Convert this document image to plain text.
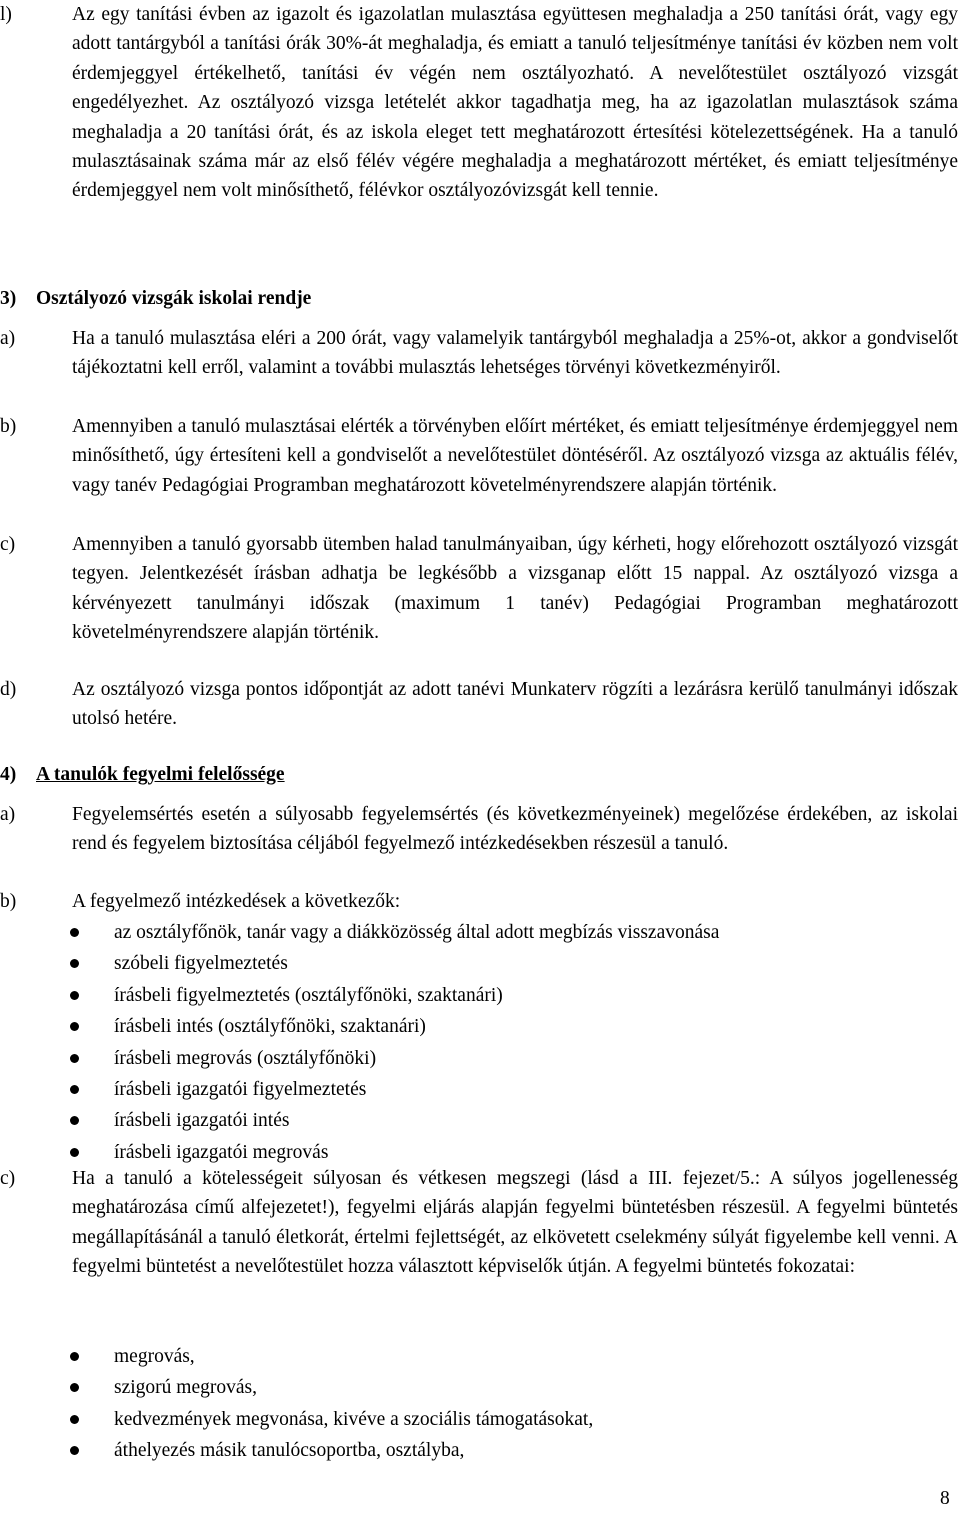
l)	Az egy tanítási évben az igazolt és igazolatlan mulasztása együttesen meghaladja a 250 tanítási órát, vagy egy adott tantárgyból a tanítási órák 30%-át meghaladja, és emiatt a tanuló teljesítménye tanítási év közben nem volt érdemjeggyel értékelhető, tanítási év végén nem osztályozható. A nevelőtestület osztályozó vizsgát engedélyezhet. Az osztályozó vizsga letételét akkor tagadhatja meg, ha az igazolatlan mulasztások száma meghaladja a 20 tanítási órát, és az iskola eleget tett meghatározott értesítési kötelezettségének. Ha a tanuló mulasztásainak száma már az első félév végére meghaladja a meghatározott mértéket, és emiatt teljesítménye érdemjeggyel nem volt minősíthető, félévkor osztályozóvizsgát kell tennie.
3) Osztályozó vizsgák iskolai rendje
a)	Ha a tanuló mulasztása eléri a 200 órát, vagy valamelyik tantárgyból meghaladja a 25%-ot, akkor a gondviselőt tájékoztatni kell erről, valamint a további mulasztás lehetséges törvényi következményiről.
b)	Amennyiben a tanuló mulasztásai elérték a törvényben előírt mértéket, és emiatt teljesítménye érdemjeggyel nem minősíthető, úgy értesíteni kell a gondviselőt a nevelőtestület döntéséről. Az osztályozó vizsga az aktuális félév, vagy tanév Pedagógiai Programban meghatározott követelményrendszere alapján történik.
c)	Amennyiben a tanuló gyorsabb ütemben halad tanulmányaiban, úgy kérheti, hogy előrehozott osztályozó vizsgát tegyen. Jelentkezését írásban adhatja be legkésőbb a vizsganap előtt 15 nappal. Az osztályozó vizsga a kérvényezett tanulmányi időszak (maximum 1 tanév) Pedagógiai Programban meghatározott követelményrendszere alapján történik.
d)	Az osztályozó vizsga pontos időpontját az adott tanévi Munkaterv rögzíti a lezárásra kerülő tanulmányi időszak utolsó hetére.
4) A tanulók fegyelmi felelőssége
a)	Fegyelemsértés esetén a súlyosabb fegyelemsértés (és következményeinek) megelőzése érdekében, az iskolai rend és fegyelem biztosítása céljából fegyelmező intézkedésekben részesül a tanuló.
b)	A fegyelmező intézkedések a következők:
az osztályfőnök, tanár vagy a diákközösség által adott megbízás visszavonása
szóbeli figyelmeztetés
írásbeli figyelmeztetés (osztályfőnöki, szaktanári)
írásbeli intés (osztályfőnöki, szaktanári)
írásbeli megrovás (osztályfőnöki)
írásbeli igazgatói figyelmeztetés
írásbeli igazgatói intés
írásbeli igazgatói megrovás
c)	Ha a tanuló a kötelességeit súlyosan és vétkesen megszegi (lásd a III. fejezet/5.: A súlyos jogellenesség meghatározása című alfejezetet!), fegyelmi eljárás alapján fegyelmi büntetésben részesül. A fegyelmi büntetés megállapításánál a tanuló életkorát, értelmi fejlettségét, az elkövetett cselekmény súlyát figyelembe kell venni. A fegyelmi büntetést a nevelőtestület hozza választott képviselők útján. A fegyelmi büntetés fokozatai:
megrovás,
szigorú megrovás,
kedvezmények megvonása, kivéve a szociális támogatásokat,
áthelyezés másik tanulócsoportba, osztályba,
8
